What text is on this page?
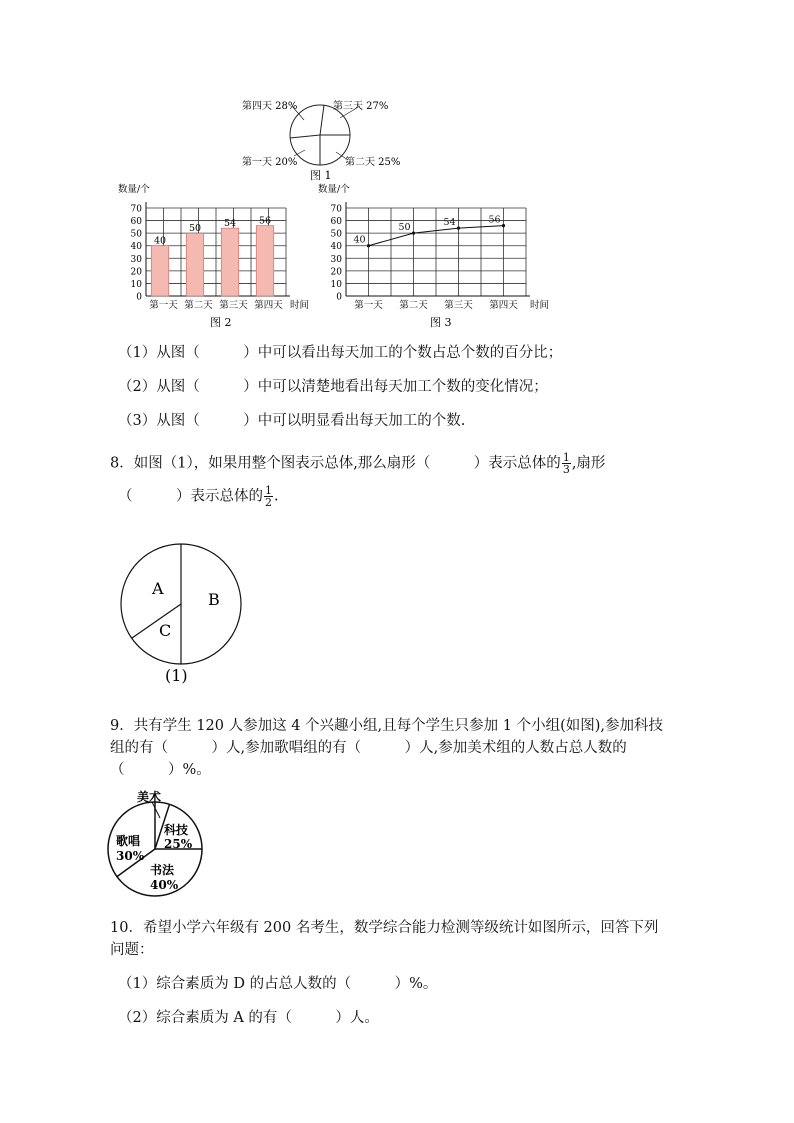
第四天 28%	第三天 27%
第一天 20%	第二天 25%
图 1
0
10
20
30
40
50
60
70
数量/个
第一天 第二天 第三天 第四天 时间
图 2
40
50 54 56
0
10
20
30
40
50
60
70
数量/个
第一天 第二天 第三天 第四天 时间
图 3
40
50	54	56
（1）从图（　　　）中可以看出每天加工的个数占总个数的百分比；
（2）从图（　　　）中可以清楚地看出每天加工个数的变化情况；
（3）从图（　　　）中可以明显看出每天加工的个数.
8．如图（1），如果用整个图表示总体,那么扇形（　　　）表示总体的 $\frac{1}{3}$ ,扇形
（　　　）表示总体的 $\frac{1}{2}$ .
A
B
C
(1)
9．共有学生 120 人参加这 4 个兴趣小组,且每个学生只参加 1 个小组(如图),参加科技
组的有（　　　）人,参加歌唱组的有（　　　）人,参加美术组的人数占总人数的
（　　　）%。
美术
科技
25%
歌唱
30%
书法
40%
10．希望小学六年级有 200 名考生，数学综合能力检测等级统计如图所示，回答下列
问题：
（1）综合素质为 D 的占总人数的（　　　）%。
（2）综合素质为 A 的有（　　　）人。
